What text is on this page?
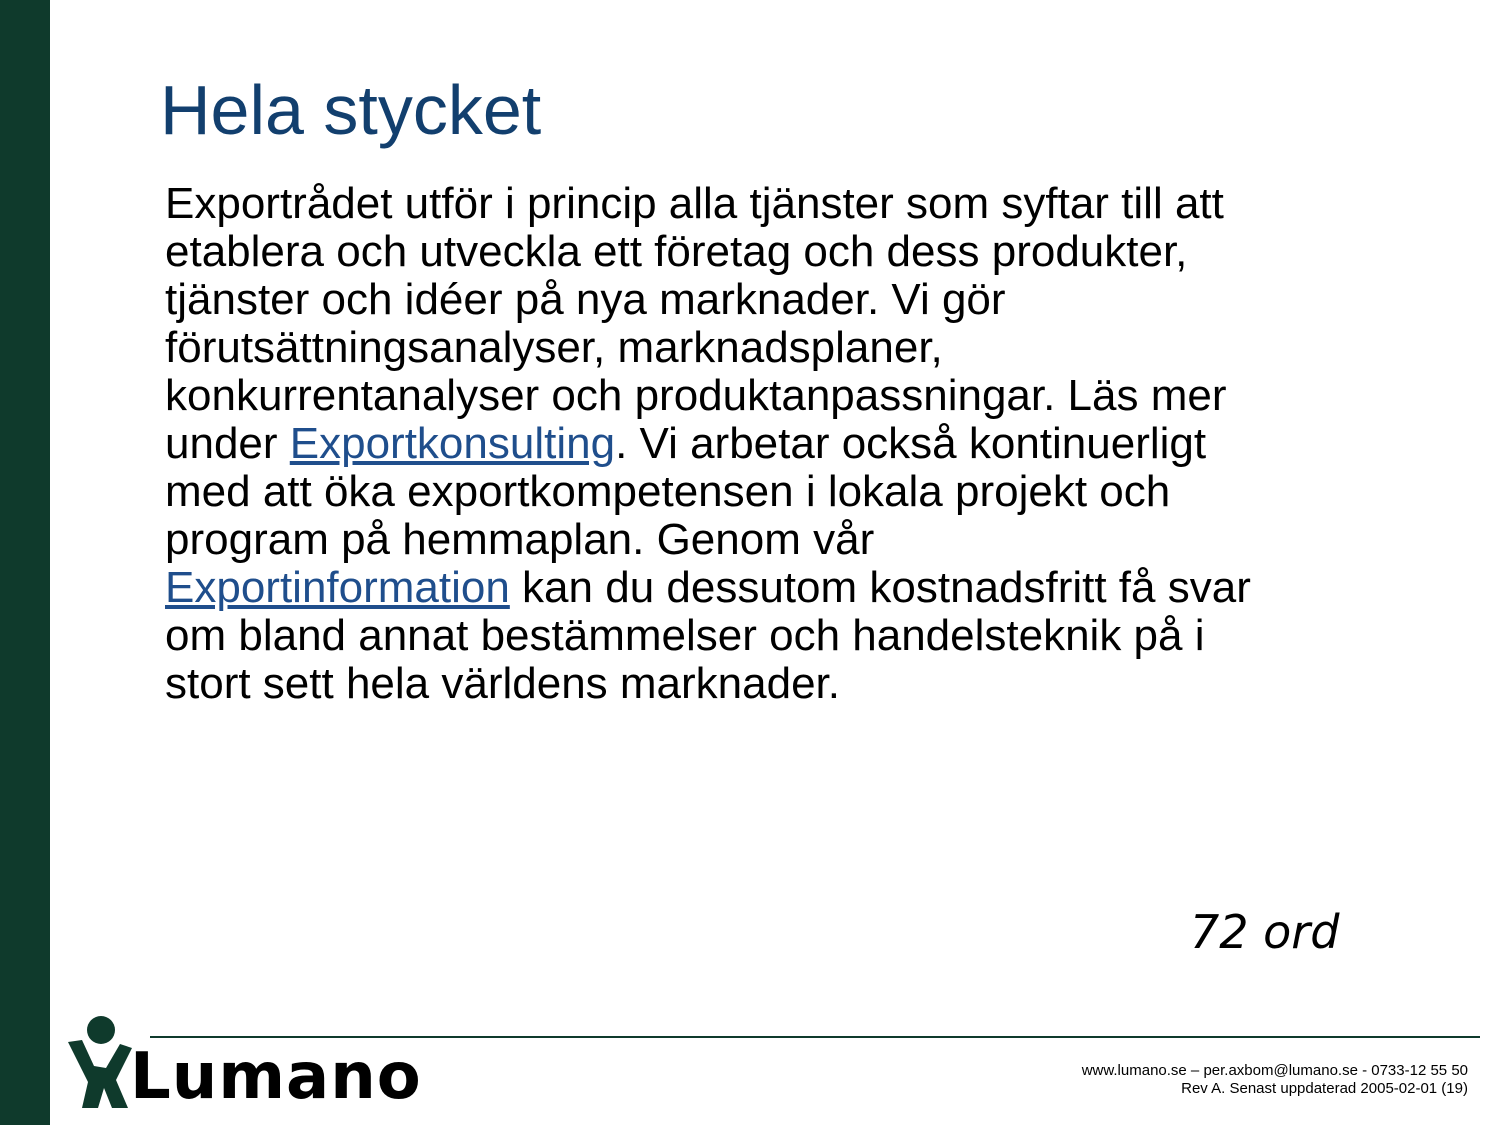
Hela stycket
Exportrådet utför i princip alla tjänster som syftar till att
etablera och utveckla ett företag och dess produkter,
tjänster och idéer på nya marknader. Vi gör
förutsättningsanalyser, marknadsplaner,
konkurrentanalyser och produktanpassningar. Läs mer
under Exportkonsulting. Vi arbetar också kontinuerligt
med att öka exportkompetensen i lokala projekt och
program på hemmaplan. Genom vår
Exportinformation kan du dessutom kostnadsfritt få svar
om bland annat bestämmelser och handelsteknik på i
stort sett hela världens marknader.
72 ord
Lumano	www.lumano.se – per.axbom@lumano.se - 0733-12 55 50
Rev A. Senast uppdaterad 2005-02-01 (19)
